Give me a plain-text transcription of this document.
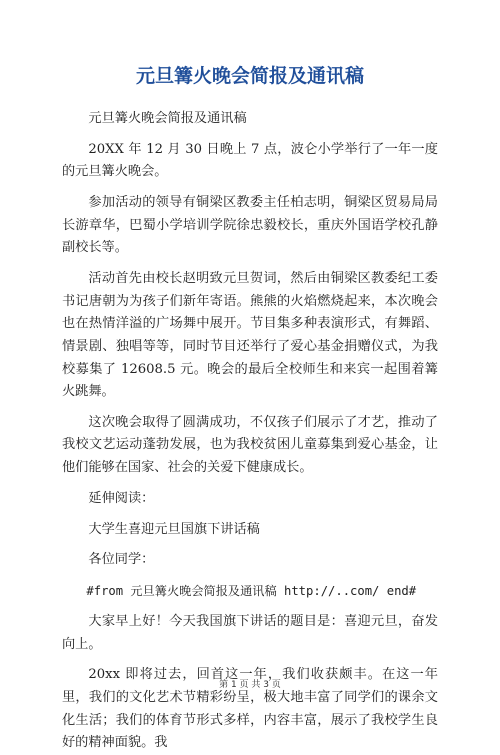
元旦篝火晚会简报及通讯稿

元旦篝火晚会简报及通讯稿

20XX 年 12 月 30 日晚上 7 点，波仑小学举行了一年一度的元旦篝火晚会。

参加活动的领导有铜梁区教委主任柏志明，铜梁区贸易局局长游章华，巴蜀小学培训学院徐忠毅校长，重庆外国语学校孔静副校长等。

活动首先由校长赵明致元旦贺词，然后由铜梁区教委纪工委书记唐朝为为孩子们新年寄语。熊熊的火焰燃烧起来，本次晚会也在热情洋溢的广场舞中展开。节目集多种表演形式，有舞蹈、情景剧、独唱等等，同时节目还举行了爱心基金捐赠仪式，为我校募集了 12608.5 元。晚会的最后全校师生和来宾一起围着篝火跳舞。

这次晚会取得了圆满成功，不仅孩子们展示了才艺，推动了我校文艺运动蓬勃发展，也为我校贫困儿童募集到爱心基金，让他们能够在国家、社会的关爱下健康成长。

延伸阅读：

大学生喜迎元旦国旗下讲话稿

各位同学：

#from 元旦篝火晚会简报及通讯稿 http://..com/ end#

大家早上好！今天我国旗下讲话的题目是：喜迎元旦，奋发向上。

20xx 即将过去，回首这一年，我们收获颇丰。在这一年里，我们的文化艺术节精彩纷呈，极大地丰富了同学们的课余文化生活；我们的体育节形式多样，内容丰富，展示了我校学生良好的精神面貌。我

第 1 页 共 3 页
